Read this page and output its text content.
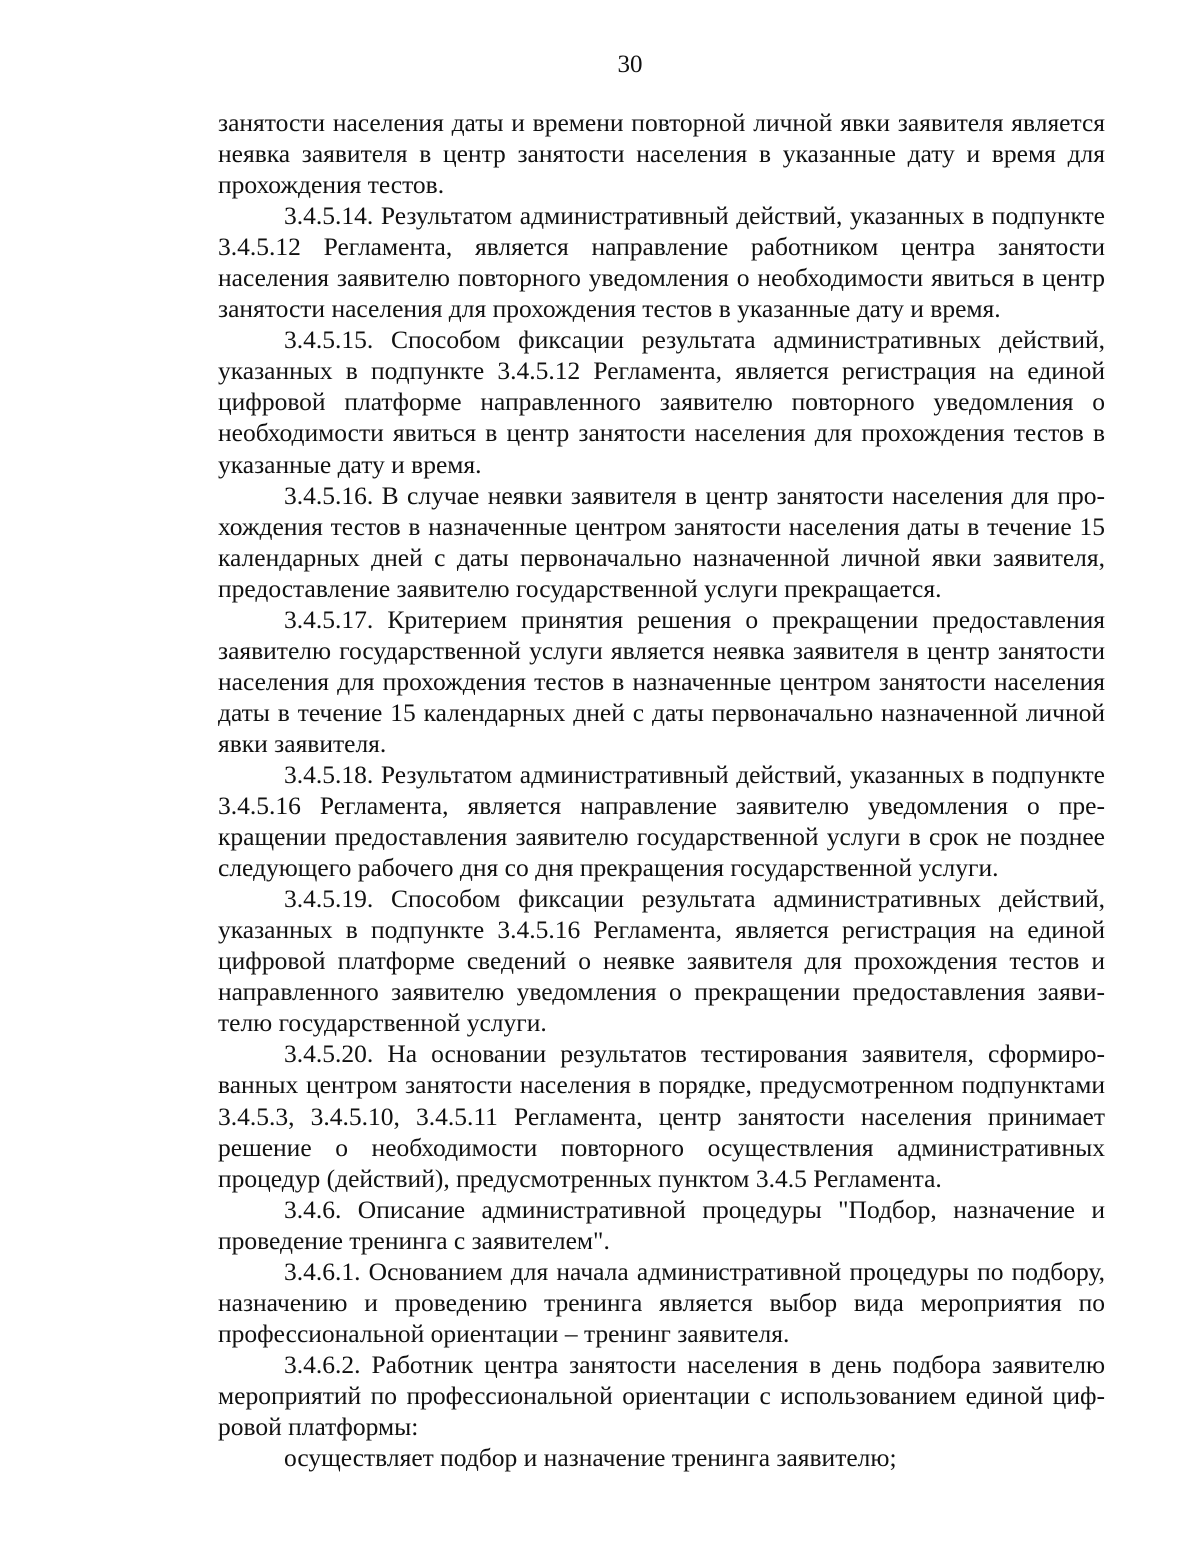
30

занятости населения даты и времени повторной личной явки заявителя является неявка заявителя в центр занятости населения в указанные дату и время для прохождения тестов.

3.4.5.14. Результатом административный действий, указанных в подпункте 3.4.5.12 Регламента, является направление работником центра занятости населения заявителю повторного уведомления о необходимости явиться в центр занятости населения для прохождения тестов в указанные дату и время.

3.4.5.15. Способом фиксации результата административных действий, указанных в подпункте 3.4.5.12 Регламента, является регистрация на единой цифровой платформе направленного заявителю повторного уведомления о необходимости явиться в центр занятости населения для прохождения тестов в указанные дату и время.

3.4.5.16. В случае неявки заявителя в центр занятости населения для прохождения тестов в назначенные центром занятости населения даты в течение 15 календарных дней с даты первоначально назначенной личной явки заявителя, предоставление заявителю государственной услуги прекращается.

3.4.5.17. Критерием принятия решения о прекращении предоставления заявителю государственной услуги является неявка заявителя в центр занятости населения для прохождения тестов в назначенные центром занятости населения даты в течение 15 календарных дней с даты первоначально назначенной личной явки заявителя.

3.4.5.18. Результатом административный действий, указанных в подпункте 3.4.5.16 Регламента, является направление заявителю уведомления о прекращении предоставления заявителю государственной услуги в срок не позднее следующего рабочего дня со дня прекращения государственной услуги.

3.4.5.19. Способом фиксации результата административных действий, указанных в подпункте 3.4.5.16 Регламента, является регистрация на единой цифровой платформе сведений о неявке заявителя для прохождения тестов и направленного заявителю уведомления о прекращении предоставления заявителю государственной услуги.

3.4.5.20. На основании результатов тестирования заявителя, сформированных центром занятости населения в порядке, предусмотренном подпунктами 3.4.5.3, 3.4.5.10, 3.4.5.11 Регламента, центр занятости населения принимает решение о необходимости повторного осуществления административных процедур (действий), предусмотренных пунктом 3.4.5 Регламента.

3.4.6. Описание административной процедуры "Подбор, назначение и проведение тренинга с заявителем".

3.4.6.1. Основанием для начала административной процедуры по подбору, назначению и проведению тренинга является выбор вида мероприятия по профессиональной ориентации – тренинг заявителя.

3.4.6.2. Работник центра занятости населения в день подбора заявителю мероприятий по профессиональной ориентации с использованием единой цифровой платформы:

осуществляет подбор и назначение тренинга заявителю;
